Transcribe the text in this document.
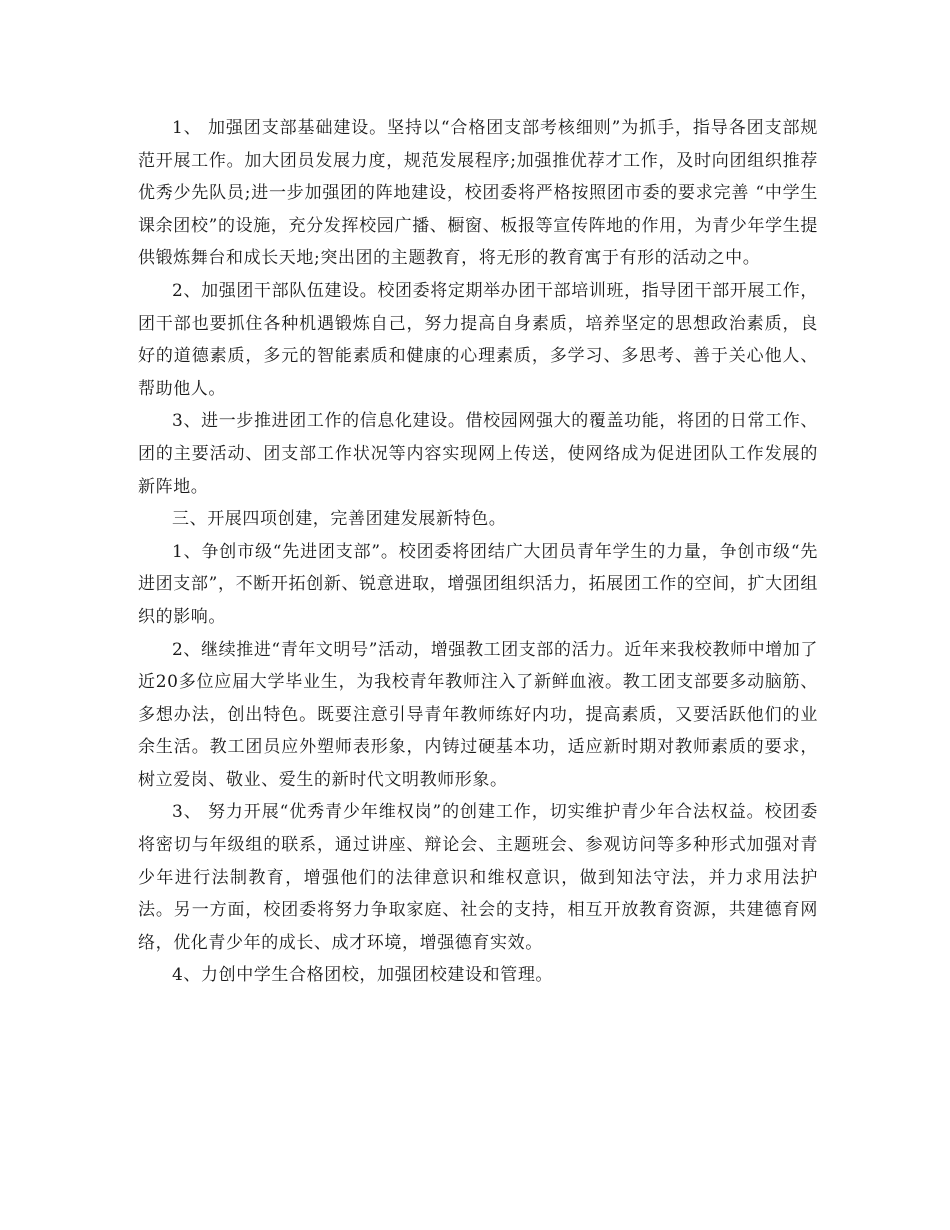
1、 加强团支部基础建设。坚持以“合格团支部考核细则”为抓手，指导各团支部规范开展工作。加大团员发展力度，规范发展程序;加强推优荐才工作，及时向团组织推荐优秀少先队员;进一步加强团的阵地建设，校团委将严格按照团市委的要求完善 “中学生课余团校”的设施，充分发挥校园广播、橱窗、板报等宣传阵地的作用，为青少年学生提供锻炼舞台和成长天地;突出团的主题教育，将无形的教育寓于有形的活动之中。

2、加强团干部队伍建设。校团委将定期举办团干部培训班，指导团干部开展工作，团干部也要抓住各种机遇锻炼自己，努力提高自身素质，培养坚定的思想政治素质，良好的道德素质，多元的智能素质和健康的心理素质，多学习、多思考、善于关心他人、帮助他人。

3、进一步推进团工作的信息化建设。借校园网强大的覆盖功能，将团的日常工作、团的主要活动、团支部工作状况等内容实现网上传送，使网络成为促进团队工作发展的新阵地。

三、开展四项创建，完善团建发展新特色。

1、争创市级“先进团支部”。校团委将团结广大团员青年学生的力量，争创市级“先进团支部”，不断开拓创新、锐意进取，增强团组织活力，拓展团工作的空间，扩大团组织的影响。

2、继续推进“青年文明号”活动，增强教工团支部的活力。近年来我校教师中增加了近20多位应届大学毕业生，为我校青年教师注入了新鲜血液。教工团支部要多动脑筋、多想办法，创出特色。既要注意引导青年教师练好内功，提高素质，又要活跃他们的业余生活。教工团员应外塑师表形象，内铸过硬基本功，适应新时期对教师素质的要求，树立爱岗、敬业、爱生的新时代文明教师形象。

3、 努力开展“优秀青少年维权岗”的创建工作，切实维护青少年合法权益。校团委将密切与年级组的联系，通过讲座、辩论会、主题班会、参观访问等多种形式加强对青少年进行法制教育，增强他们的法律意识和维权意识，做到知法守法，并力求用法护法。另一方面，校团委将努力争取家庭、社会的支持，相互开放教育资源，共建德育网络，优化青少年的成长、成才环境，增强德育实效。

4、力创中学生合格团校，加强团校建设和管理。
